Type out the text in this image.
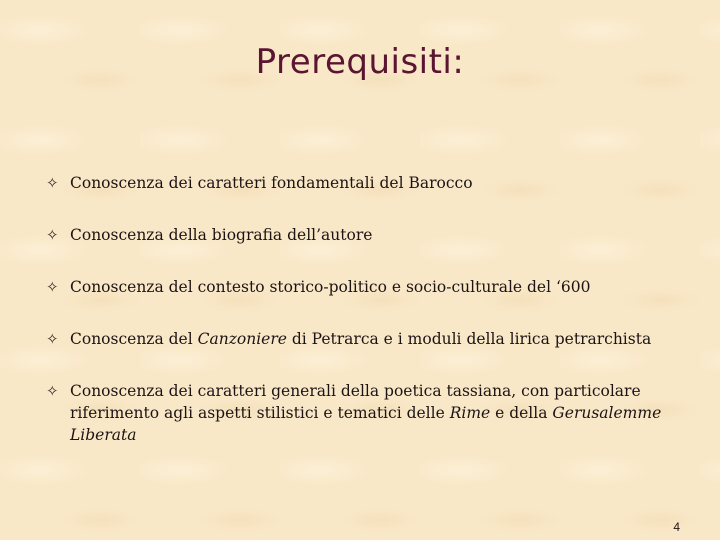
Prerequisiti:
✧ Conoscenza dei caratteri fondamentali del Barocco
✧ Conoscenza della biografia dell’autore
✧ Conoscenza del contesto storico-politico e socio-culturale del ‘600
✧ Conoscenza del Canzoniere di Petrarca e i moduli della lirica petrarchista
✧ Conoscenza dei caratteri generali della poetica tassiana, con particolare riferimento agli aspetti stilistici e tematici delle Rime e della Gerusalemme Liberata
4
